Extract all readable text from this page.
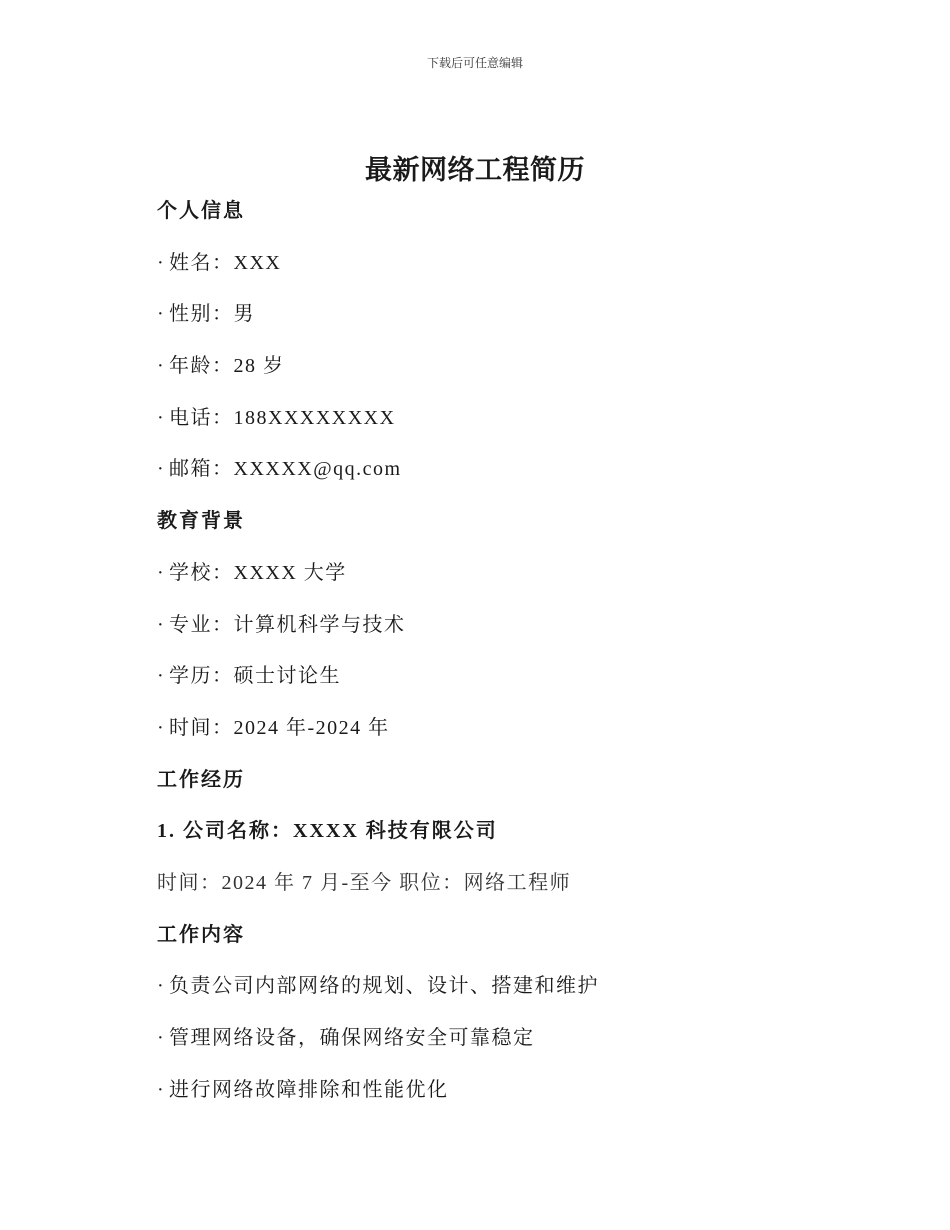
下载后可任意编辑
最新网络工程简历
个人信息
· 姓名：XXX
· 性别：男
· 年龄：28 岁
· 电话：188XXXXXXXX
· 邮箱：XXXXX@qq.com
教育背景
· 学校：XXXX 大学
· 专业：计算机科学与技术
· 学历：硕士讨论生
· 时间：2024 年-2024 年
工作经历
1. 公司名称：XXXX 科技有限公司
时间：2024 年 7 月-至今 职位：网络工程师
工作内容
· 负责公司内部网络的规划、设计、搭建和维护
· 管理网络设备，确保网络安全可靠稳定
· 进行网络故障排除和性能优化
